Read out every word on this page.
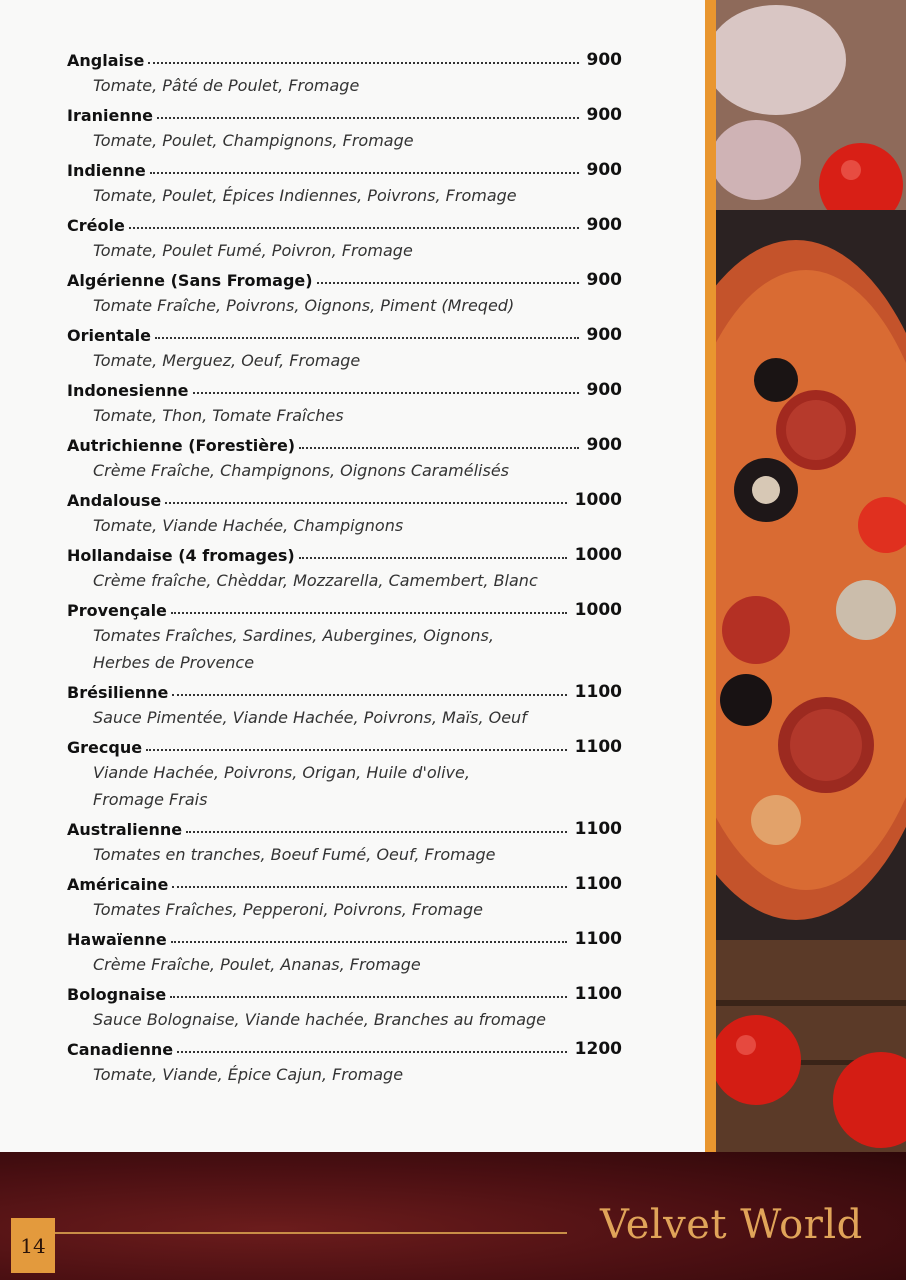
Anglaise	900
Tomate, Pâté de Poulet, Fromage
Iranienne	900
Tomate, Poulet, Champignons, Fromage
Indienne	900
Tomate, Poulet, Épices Indiennes, Poivrons, Fromage
Créole	900
Tomate, Poulet Fumé, Poivron, Fromage
Algérienne (Sans Fromage)	900
Tomate Fraîche, Poivrons, Oignons, Piment (Mreqed)
Orientale	900
Tomate, Merguez, Oeuf, Fromage
Indonesienne	900
Tomate, Thon, Tomate Fraîches
Autrichienne (Forestière)	900
Crème Fraîche, Champignons, Oignons Caramélisés
Andalouse	1000
Tomate, Viande Hachée, Champignons
Hollandaise (4 fromages)	1000
Crème fraîche, Chèddar, Mozzarella, Camembert, Blanc
Provençale	1000
Tomates Fraîches, Sardines, Aubergines, Oignons,
Herbes de Provence
Brésilienne	1100
Sauce Pimentée, Viande Hachée, Poivrons, Maïs, Oeuf
Grecque	1100
Viande Hachée, Poivrons, Origan, Huile d'olive,
Fromage Frais
Australienne	1100
Tomates en tranches, Boeuf Fumé, Oeuf, Fromage
Américaine	1100
Tomates Fraîches, Pepperoni, Poivrons, Fromage
Hawaïenne	1100
Crème Fraîche, Poulet, Ananas, Fromage
Bolognaise	1100
Sauce Bolognaise, Viande hachée, Branches au fromage
Canadienne	1200
Tomate, Viande, Épice Cajun, Fromage
14	Velvet World
